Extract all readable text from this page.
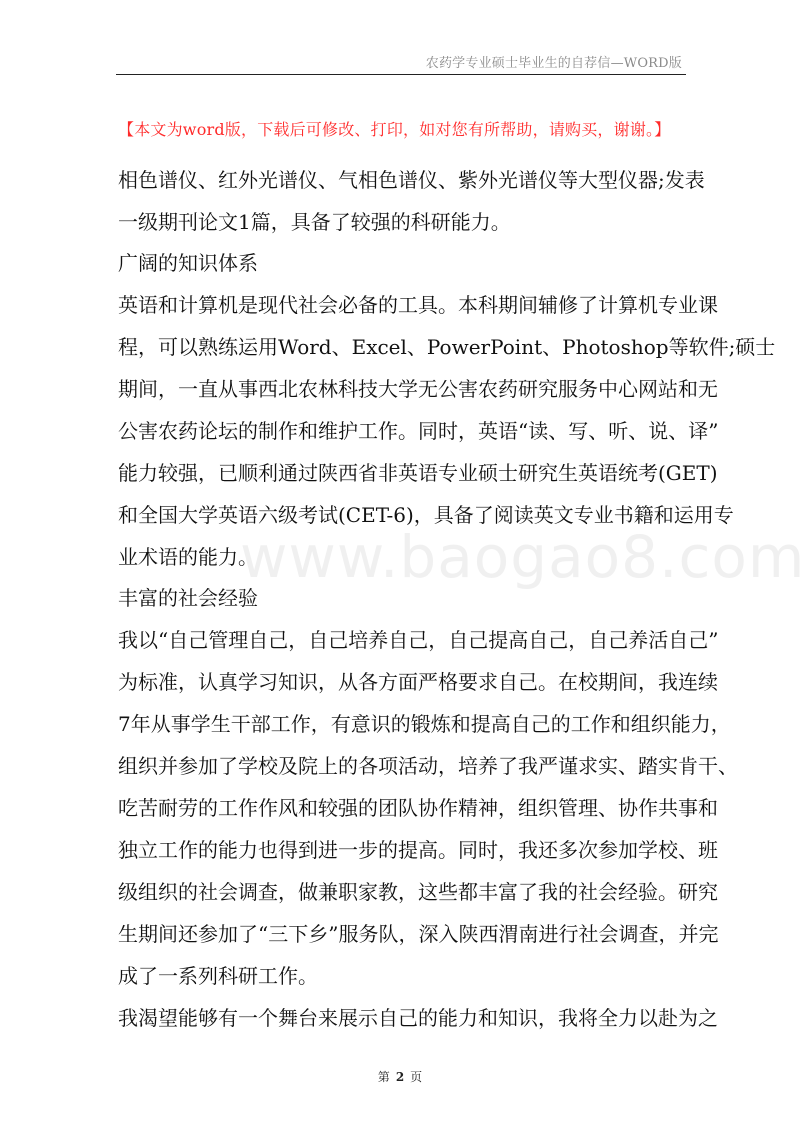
农药学专业硕士毕业生的自荐信—WORD版
【本文为word版，下载后可修改、打印，如对您有所帮助，请购买，谢谢。】
相色谱仪、红外光谱仪、气相色谱仪、紫外光谱仪等大型仪器;发表
一级期刊论文1篇，具备了较强的科研能力。
广阔的知识体系
英语和计算机是现代社会必备的工具。本科期间辅修了计算机专业课
程，可以熟练运用Word、Excel、PowerPoint、Photoshop等软件;硕士
期间，一直从事西北农林科技大学无公害农药研究服务中心网站和无
公害农药论坛的制作和维护工作。同时，英语“读、写、听、说、译”
能力较强，已顺利通过陕西省非英语专业硕士研究生英语统考(GET)
和全国大学英语六级考试(CET-6)，具备了阅读英文专业书籍和运用专
业术语的能力。
丰富的社会经验
我以“自己管理自己，自己培养自己，自己提高自己，自己养活自己”
为标准，认真学习知识，从各方面严格要求自己。在校期间，我连续
7年从事学生干部工作，有意识的锻炼和提高自己的工作和组织能力，
组织并参加了学校及院上的各项活动，培养了我严谨求实、踏实肯干、
吃苦耐劳的工作作风和较强的团队协作精神，组织管理、协作共事和
独立工作的能力也得到进一步的提高。同时，我还多次参加学校、班
级组织的社会调查，做兼职家教，这些都丰富了我的社会经验。研究
生期间还参加了“三下乡”服务队，深入陕西渭南进行社会调查，并完
成了一系列科研工作。
我渴望能够有一个舞台来展示自己的能力和知识，我将全力以赴为之
www.baogao8.com
第 2 页
